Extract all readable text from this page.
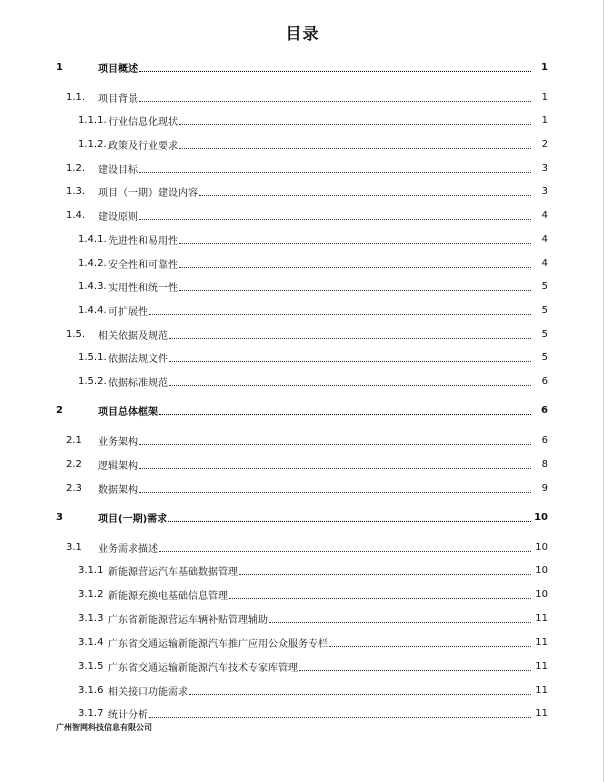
目录
1	项目概述	1
1.1. 项目背景	1
1.1.1. 行业信息化现状	1
1.1.2. 政策及行业要求	2
1.2. 建设目标	3
1.3. 项目（一期）建设内容	3
1.4. 建设原则	4
1.4.1. 先进性和易用性	4
1.4.2. 安全性和可靠性	4
1.4.3. 实用性和统一性	5
1.4.4. 可扩展性	5
1.5. 相关依据及规范	5
1.5.1. 依据法规文件	5
1.5.2. 依据标准规范	6
2	项目总体框架	6
2.1 业务架构	6
2.2 逻辑架构	8
2.3 数据架构	9
3	项目(一期)需求	10
3.1 业务需求描述	10
3.1.1 新能源营运汽车基础数据管理	10
3.1.2 新能源充换电基础信息管理	10
3.1.3 广东省新能源营运车辆补贴管理辅助	11
3.1.4 广东省交通运输新能源汽车推广应用公众服务专栏	11
3.1.5 广东省交通运输新能源汽车技术专家库管理	11
3.1.6 相关接口功能需求	11
3.1.7 统计分析	11
广州智网科技信息有限公司
